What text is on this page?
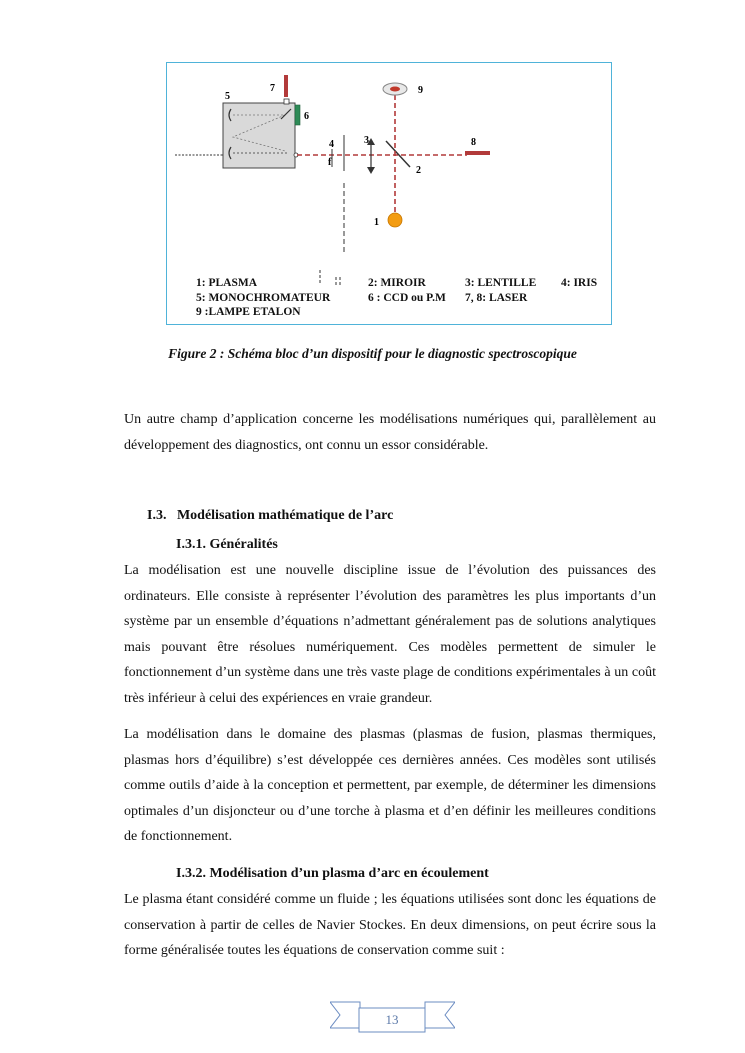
5
7
6
4
f
3
2
8
9
1
1: PLASMA	2: MIROIR	3: LENTILLE 4: IRIS
5: MONOCHROMATEUR	6 : CCD ou P.M 7, 8: LASER
9 :LAMPE ETALON
Figure 2 : Schéma bloc d’un dispositif pour le diagnostic spectroscopique

Un autre champ d’application concerne les modélisations numériques qui, parallèlement au développement des diagnostics, ont connu un essor considérable.

I.3.   Modélisation mathématique de l’arc
I.3.1. Généralités

La modélisation est une nouvelle discipline issue de l’évolution des puissances des ordinateurs. Elle consiste à représenter l’évolution des paramètres les plus importants d’un système par un ensemble d’équations n’admettant généralement pas de solutions analytiques mais pouvant être résolues numériquement. Ces modèles permettent de simuler le fonctionnement d’un système dans une très vaste plage de conditions expérimentales à un coût très inférieur à celui des expériences en vraie grandeur.

La modélisation dans le domaine des plasmas (plasmas de fusion, plasmas thermiques, plasmas hors d’équilibre) s’est développée ces dernières années. Ces modèles sont utilisés comme outils d’aide à la conception et permettent, par exemple, de déterminer les dimensions optimales d’un disjoncteur ou d’une torche à plasma et d’en définir les meilleures conditions de fonctionnement.

I.3.2. Modélisation d’un plasma d’arc en écoulement

Le plasma étant considéré comme un fluide ; les équations utilisées sont donc les équations de conservation à partir de celles de Navier Stockes. En deux dimensions, on peut écrire sous la forme généralisée toutes les équations de conservation comme suit :

13
